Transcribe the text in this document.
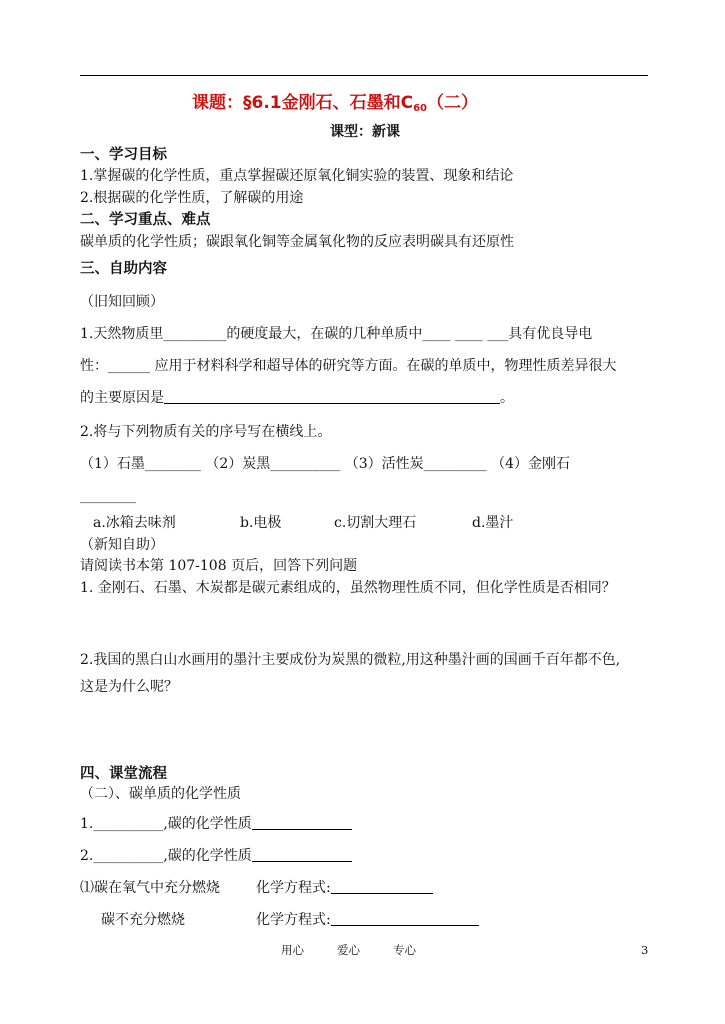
课题：§6.1金刚石、石墨和$C_{60}$（二）
课型：新课
一、学习目标
1.掌握碳的化学性质，重点掌握碳还原氧化铜实验的装置、现象和结论
2.根据碳的化学性质，了解碳的用途
二、学习重点、难点
碳单质的化学性质；碳跟氧化铜等金属氧化物的反应表明碳具有还原性
三、自助内容
（旧知回顾）
1.天然物质里_________的硬度最大，在碳的几种单质中____ ____ ___具有优良导电
性：______ 应用于材料科学和超导体的研究等方面。在碳的单质中，物理性质差异很大
的主要原因是	。
2.将与下列物质有关的序号写在横线上。
（1）石墨________ （2）炭黑__________ （3）活性炭_________ （4）金刚石
________
a.冰箱去味剂	b.电极	c.切割大理石	d.墨汁
（新知自助）
请阅读书本第 107-108 页后，回答下列问题
1. 金刚石、石墨、木炭都是碳元素组成的，虽然物理性质不同，但化学性质是否相同？
2.我国的黑白山水画用的墨汁主要成份为炭黑的微粒,用这种墨汁画的国画千百年都不色,
这是为什么呢？
四、课堂流程
（二）、碳单质的化学性质
1.__________,碳的化学性质
2.__________,碳的化学性质
⑴碳在氧气中充分燃烧	化学方程式:
碳不充分燃烧	化学方程式:
用心	爱心	专心	3
